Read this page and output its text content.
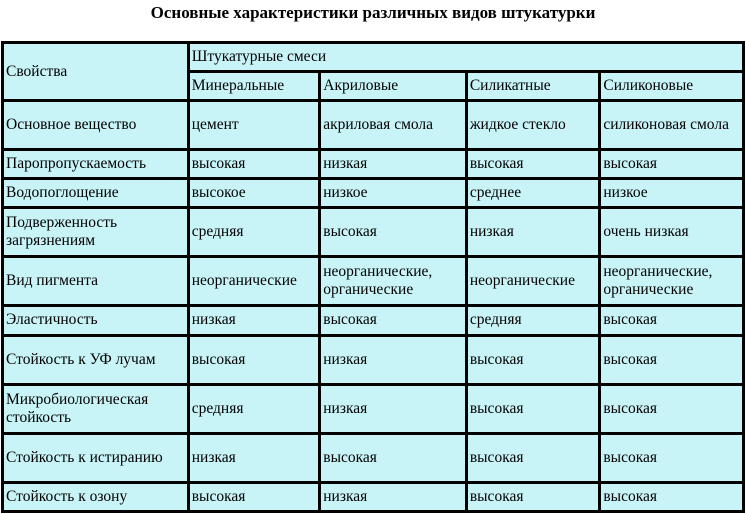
Основные характеристики различных видов штукатурки
Свойства	Штукатурные смеси			
	Минеральные	Акриловые	Силикатные	Силиконовые
Основное вещество	цемент	акриловая смола	жидкое стекло	силиконовая смола
Паропропускаемость	высокая	низкая	высокая	высокая
Водопоглощение	высокое	низкое	среднее	низкое
Подверженность загрязнениям	средняя	высокая	низкая	очень низкая
Вид пигмента	неорганические	неорганические, органические	неорганические	неорганические, органические
Эластичность	низкая	высокая	средняя	высокая
Стойкость к УФ лучам	высокая	низкая	высокая	высокая
Микробиологическая стойкость	средняя	низкая	высокая	высокая
Стойкость к истиранию	низкая	высокая	высокая	высокая
Стойкость к озону	высокая	низкая	высокая	высокая
